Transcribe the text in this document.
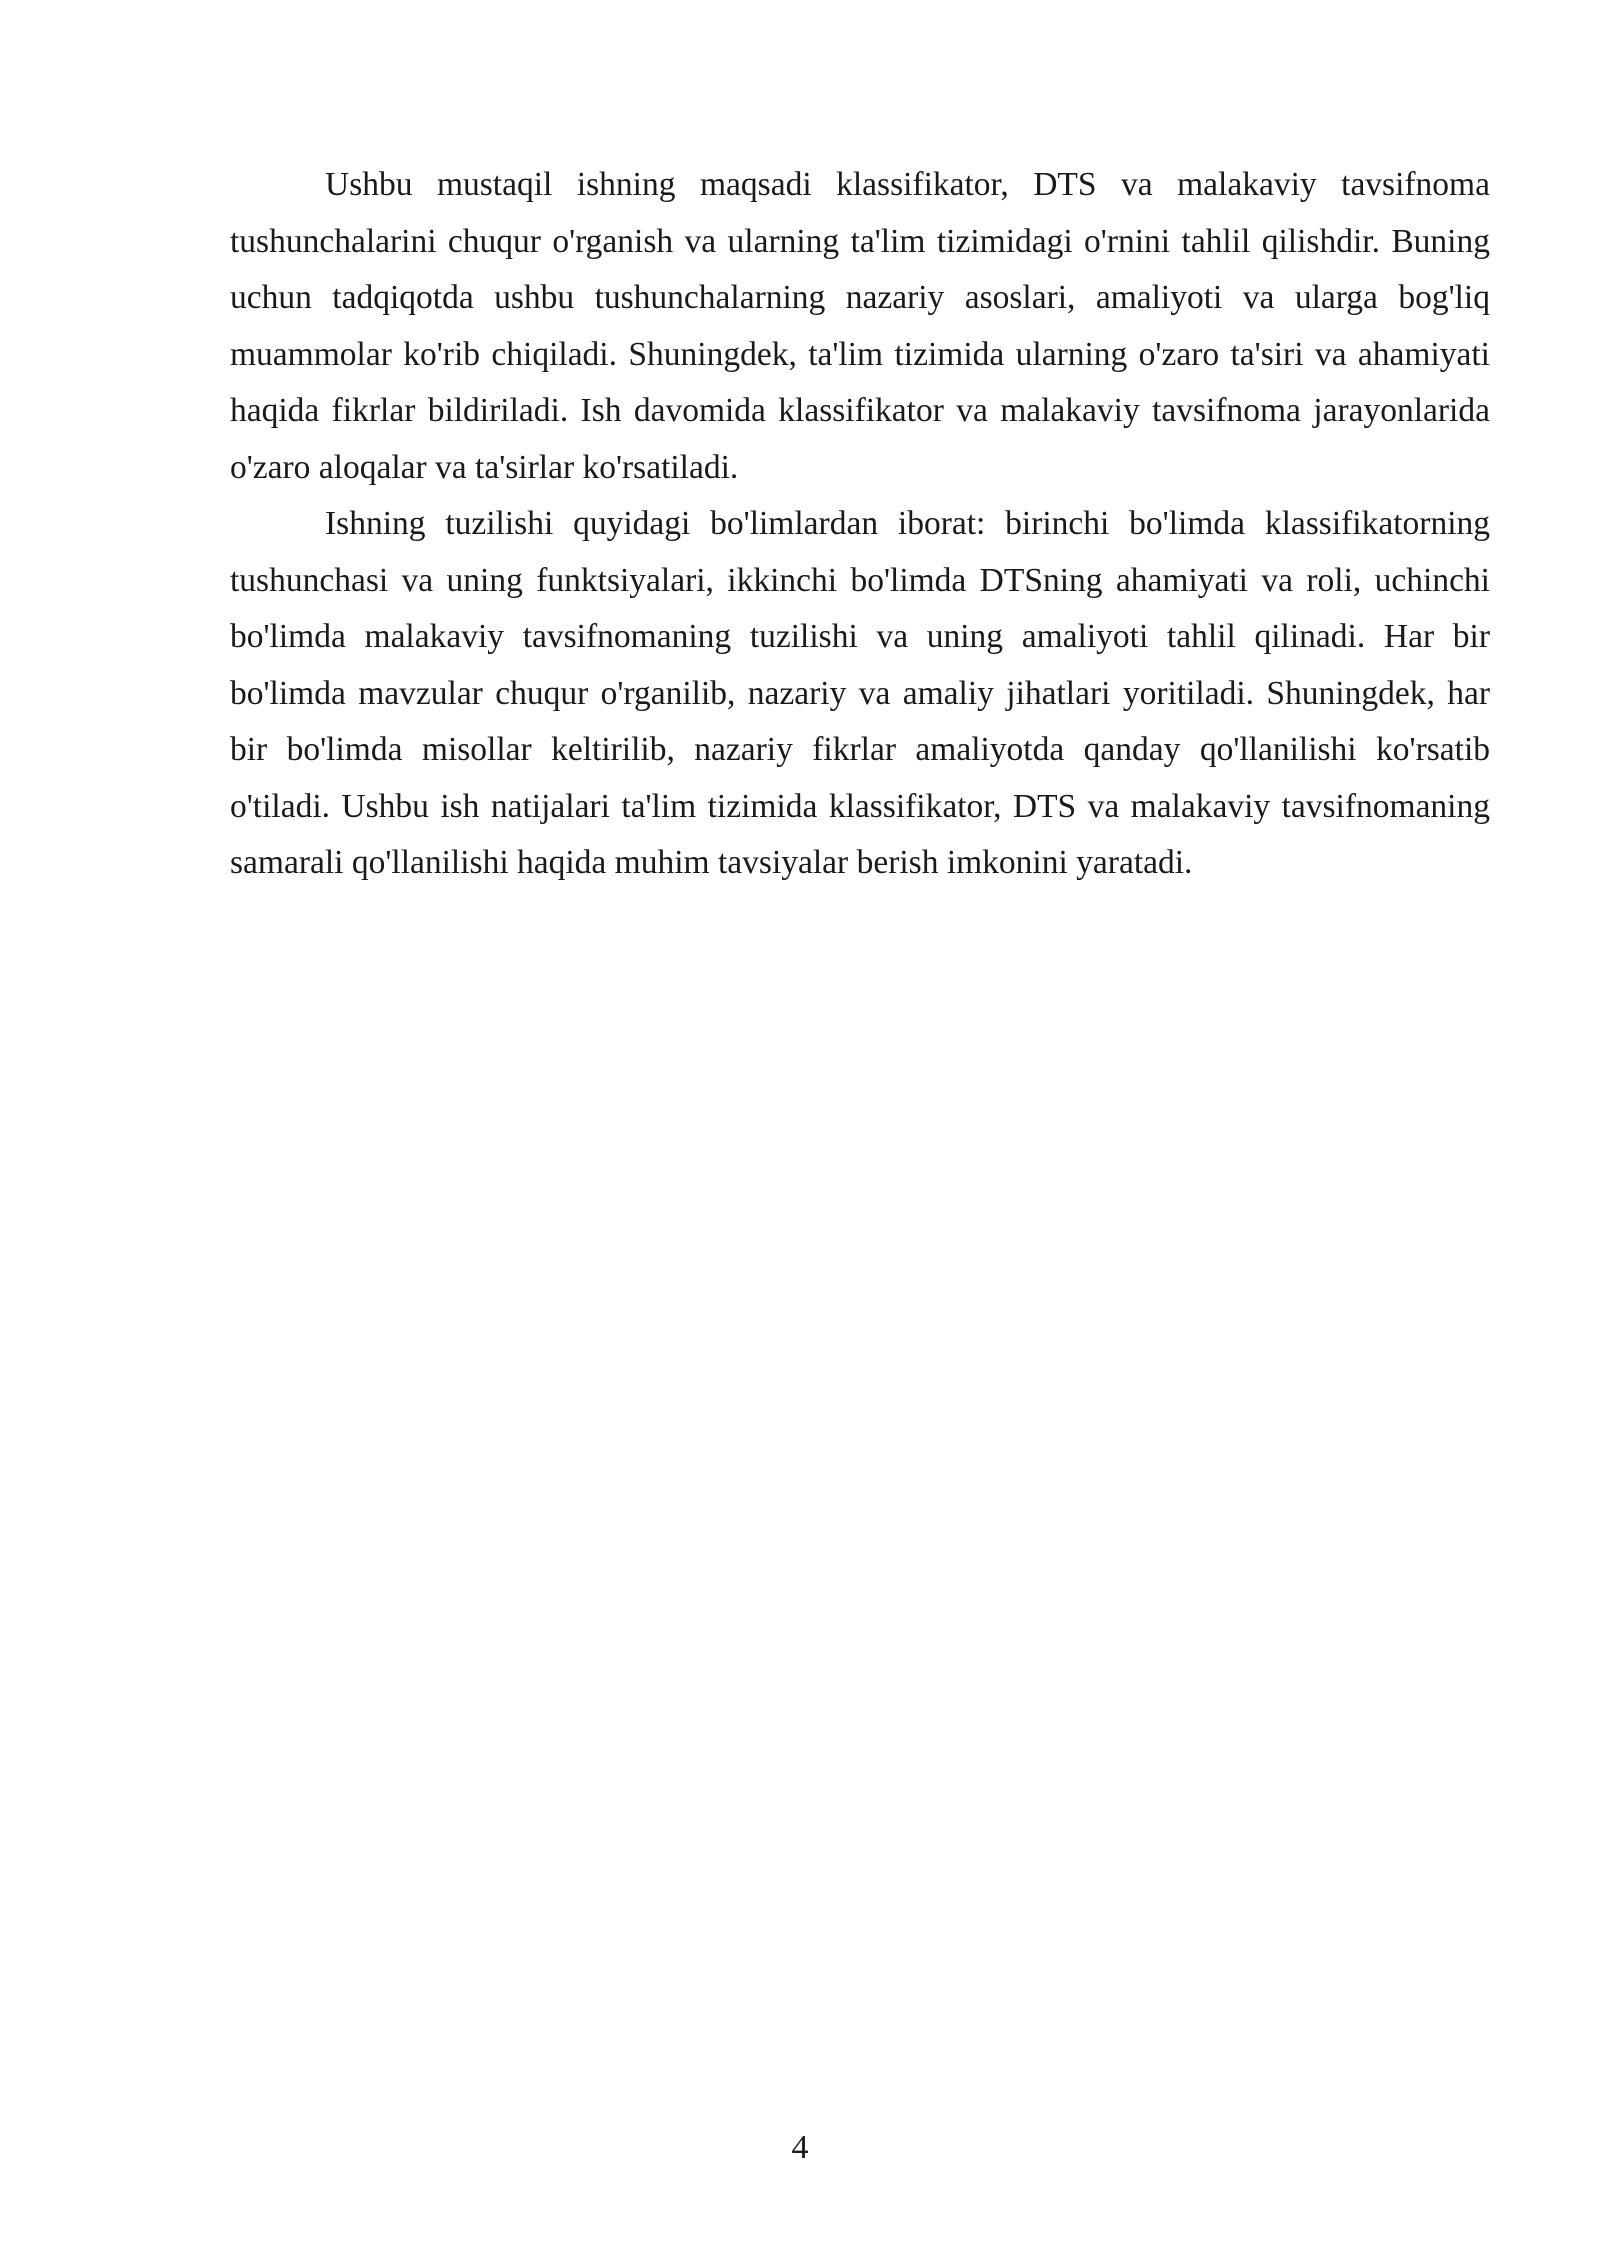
Ushbu mustaqil ishning maqsadi klassifikator, DTS va malakaviy tavsifnoma tushunchalarini chuqur o'rganish va ularning ta'lim tizimidagi o'rnini tahlil qilishdir. Buning uchun tadqiqotda ushbu tushunchalarning nazariy asoslari, amaliyoti va ularga bog'liq muammolar ko'rib chiqiladi. Shuningdek, ta'lim tizimida ularning o'zaro ta'siri va ahamiyati haqida fikrlar bildiriladi. Ish davomida klassifikator va malakaviy tavsifnoma jarayonlarida o'zaro aloqalar va ta'sirlar ko'rsatiladi.

Ishning tuzilishi quyidagi bo'limlardan iborat: birinchi bo'limda klassifikatorning tushunchasi va uning funktsiyalari, ikkinchi bo'limda DTSning ahamiyati va roli, uchinchi bo'limda malakaviy tavsifnomaning tuzilishi va uning amaliyoti tahlil qilinadi. Har bir bo'limda mavzular chuqur o'rganilib, nazariy va amaliy jihatlari yoritiladi. Shuningdek, har bir bo'limda misollar keltirilib, nazariy fikrlar amaliyotda qanday qo'llanilishi ko'rsatib o'tiladi. Ushbu ish natijalari ta'lim tizimida klassifikator, DTS va malakaviy tavsifnomaning samarali qo'llanilishi haqida muhim tavsiyalar berish imkonini yaratadi.

4
